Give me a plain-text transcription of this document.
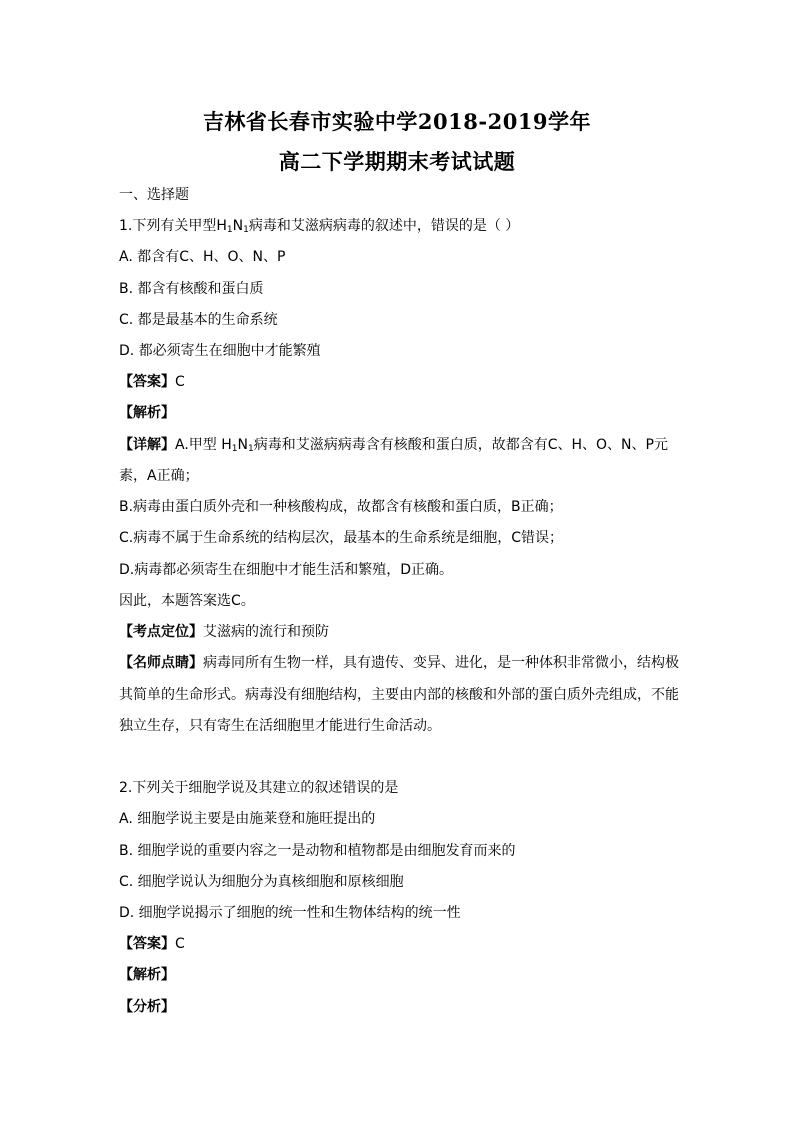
吉林省长春市实验中学2018-2019学年
高二下学期期末考试试题
一、选择题
1.下列有关甲型$H_1N_1$病毒和艾滋病病毒的叙述中，错误的是（ ）
A. 都含有C、H、O、N、P
B. 都含有核酸和蛋白质
C. 都是最基本的生命系统
D. 都必须寄生在细胞中才能繁殖
【答案】C
【解析】
【详解】A.甲型 $H_1N_1$病毒和艾滋病病毒含有核酸和蛋白质，故都含有C、H、O、N、P元
素，A正确；
B.病毒由蛋白质外壳和一种核酸构成，故都含有核酸和蛋白质，B正确；
C.病毒不属于生命系统的结构层次，最基本的生命系统是细胞，C错误；
D.病毒都必须寄生在细胞中才能生活和繁殖，D正确。
因此，本题答案选C。
【考点定位】艾滋病的流行和预防
【名师点睛】病毒同所有生物一样，具有遗传、变异、进化，是一种体积非常微小，结构极
其简单的生命形式。病毒没有细胞结构，主要由内部的核酸和外部的蛋白质外壳组成，不能
独立生存，只有寄生在活细胞里才能进行生命活动。
2.下列关于细胞学说及其建立的叙述错误的是
A. 细胞学说主要是由施莱登和施旺提出的
B. 细胞学说的重要内容之一是动物和植物都是由细胞发育而来的
C. 细胞学说认为细胞分为真核细胞和原核细胞
D. 细胞学说揭示了细胞的统一性和生物体结构的统一性
【答案】C
【解析】
【分析】
